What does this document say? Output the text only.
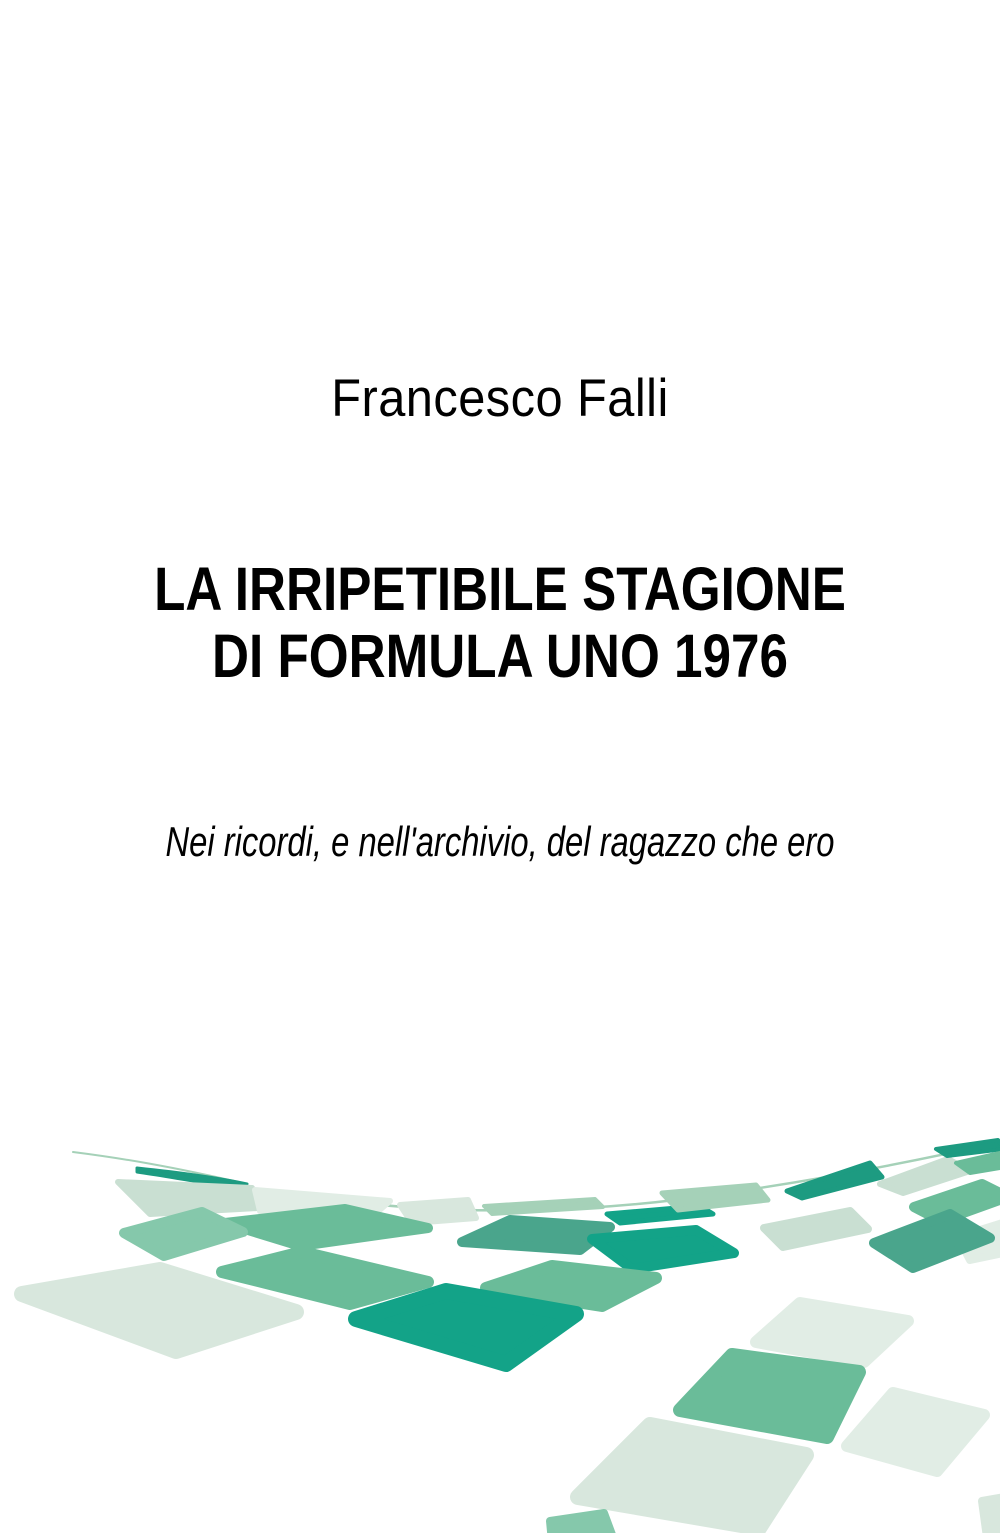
Francesco Falli
LA IRRIPETIBILE STAGIONE
DI FORMULA UNO 1976
Nei ricordi, e nell'archivio, del ragazzo che ero
